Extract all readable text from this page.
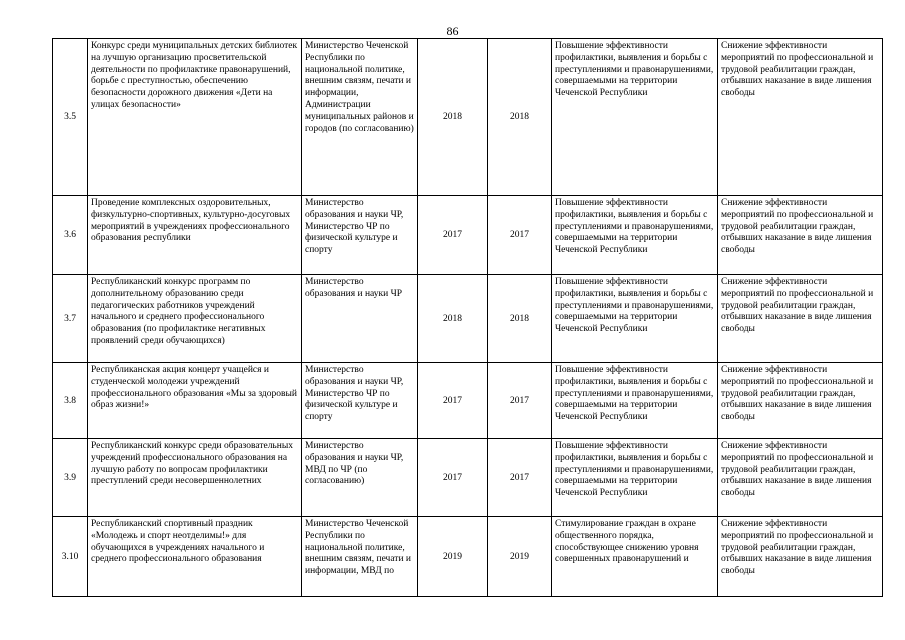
86
3.5	Конкурс среди муниципальных детских библиотек на лучшую организацию просветительской деятельности по профилактике правонарушений, борьбе с преступностью, обеспечению безопасности дорожного движения «Дети на улицах безопасности»	Министерство Чеченской Республики по национальной политике, внешним связям, печати и информации, Администрации муниципальных районов и городов (по согласованию)	2018	2018	Повышение эффективности профилактики, выявления и борьбы с преступлениями и правонарушениями, совершаемыми на территории Чеченской Республики	Снижение эффективности мероприятий по профессиональной и трудовой реабилитации граждан, отбывших наказание в виде лишения свободы
3.6	Проведение комплексных оздоровительных, физкультурно-спортивных, культурно-досуговых мероприятий в учреждениях профессионального образования республики	Министерство образования и науки ЧР, Министерство ЧР по физической культуре и спорту	2017	2017	Повышение эффективности профилактики, выявления и борьбы с преступлениями и правонарушениями, совершаемыми на территории Чеченской Республики	Снижение эффективности мероприятий по профессиональной и трудовой реабилитации граждан, отбывших наказание в виде лишения свободы
3.7	Республиканский конкурс программ по дополнительному образованию среди педагогических работников учреждений начального и среднего профессионального образования (по профилактике негативных проявлений среди обучающихся)	Министерство образования и науки ЧР	2018	2018	Повышение эффективности профилактики, выявления и борьбы с преступлениями и правонарушениями, совершаемыми на территории Чеченской Республики	Снижение эффективности мероприятий по профессиональной и трудовой реабилитации граждан, отбывших наказание в виде лишения свободы
3.8	Республиканская акция концерт учащейся и студенческой молодежи учреждений профессионального образования «Мы за здоровый образ жизни!»	Министерство образования и науки ЧР, Министерство ЧР по физической культуре и спорту	2017	2017	Повышение эффективности профилактики, выявления и борьбы с преступлениями и правонарушениями, совершаемыми на территории Чеченской Республики	Снижение эффективности мероприятий по профессиональной и трудовой реабилитации граждан, отбывших наказание в виде лишения свободы
3.9	Республиканский конкурс среди образовательных учреждений профессионального образования на лучшую работу по вопросам профилактики преступлений среди несовершеннолетних	Министерство образования и науки ЧР, МВД по ЧР (по согласованию)	2017	2017	Повышение эффективности профилактики, выявления и борьбы с преступлениями и правонарушениями, совершаемыми на территории Чеченской Республики	Снижение эффективности мероприятий по профессиональной и трудовой реабилитации граждан, отбывших наказание в виде лишения свободы
3.10	Республиканский спортивный праздник «Молодежь и спорт неотделимы!» для обучающихся в учреждениях начального и среднего профессионального образования	Министерство Чеченской Республики по национальной политике, внешним связям, печати и информации, МВД по	2019	2019	Стимулирование граждан в охране общественного порядка, способствующее снижению уровня совершенных правонарушений и	Снижение эффективности мероприятий по профессиональной и трудовой реабилитации граждан, отбывших наказание в виде лишения свободы
